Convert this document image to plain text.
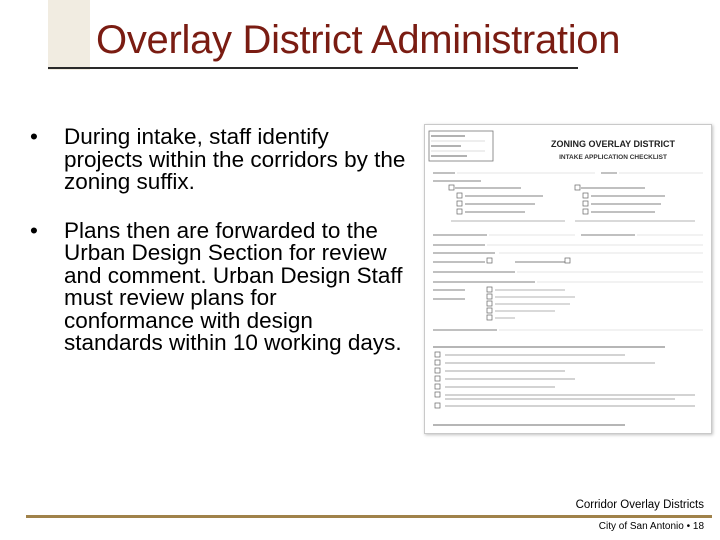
Overlay District Administration
• During intake, staff identify projects within the corridors by the zoning suffix.
• Plans then are forwarded to the Urban Design Section for review and comment. Urban Design Staff must review plans for conformance with design standards within 10 working days.
ZONING OVERLAY DISTRICT
INTAKE APPLICATION CHECKLIST
Corridor Overlay Districts
City of San Antonio • 18
